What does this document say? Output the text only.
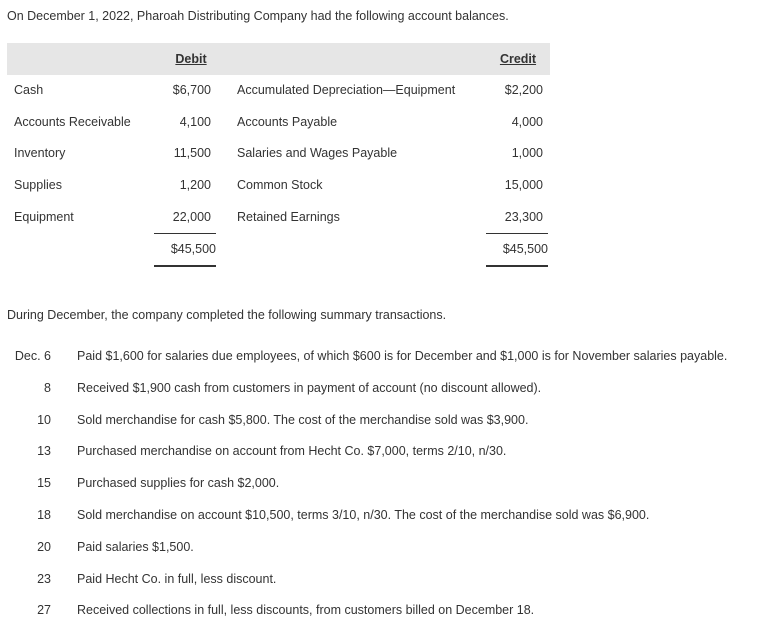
On December 1, 2022, Pharoah Distributing Company had the following account balances.
Debit	Credit
Cash	$6,700 Accumulated Depreciation—Equipment	$2,200
Accounts Receivable	4,100 Accounts Payable	4,000
Inventory	11,500 Salaries and Wages Payable	1,000
Supplies	1,200 Common Stock	15,000
Equipment	22,000 Retained Earnings	23,300
$45,500	$45,500
During December, the company completed the following summary transactions.
Dec. 6 Paid $1,600 for salaries due employees, of which $600 is for December and $1,000 is for November salaries payable.
8 Received $1,900 cash from customers in payment of account (no discount allowed).
10 Sold merchandise for cash $5,800. The cost of the merchandise sold was $3,900.
13 Purchased merchandise on account from Hecht Co. $7,000, terms 2/10, n/30.
15 Purchased supplies for cash $2,000.
18 Sold merchandise on account $10,500, terms 3/10, n/30. The cost of the merchandise sold was $6,900.
20 Paid salaries $1,500.
23 Paid Hecht Co. in full, less discount.
27 Received collections in full, less discounts, from customers billed on December 18.
